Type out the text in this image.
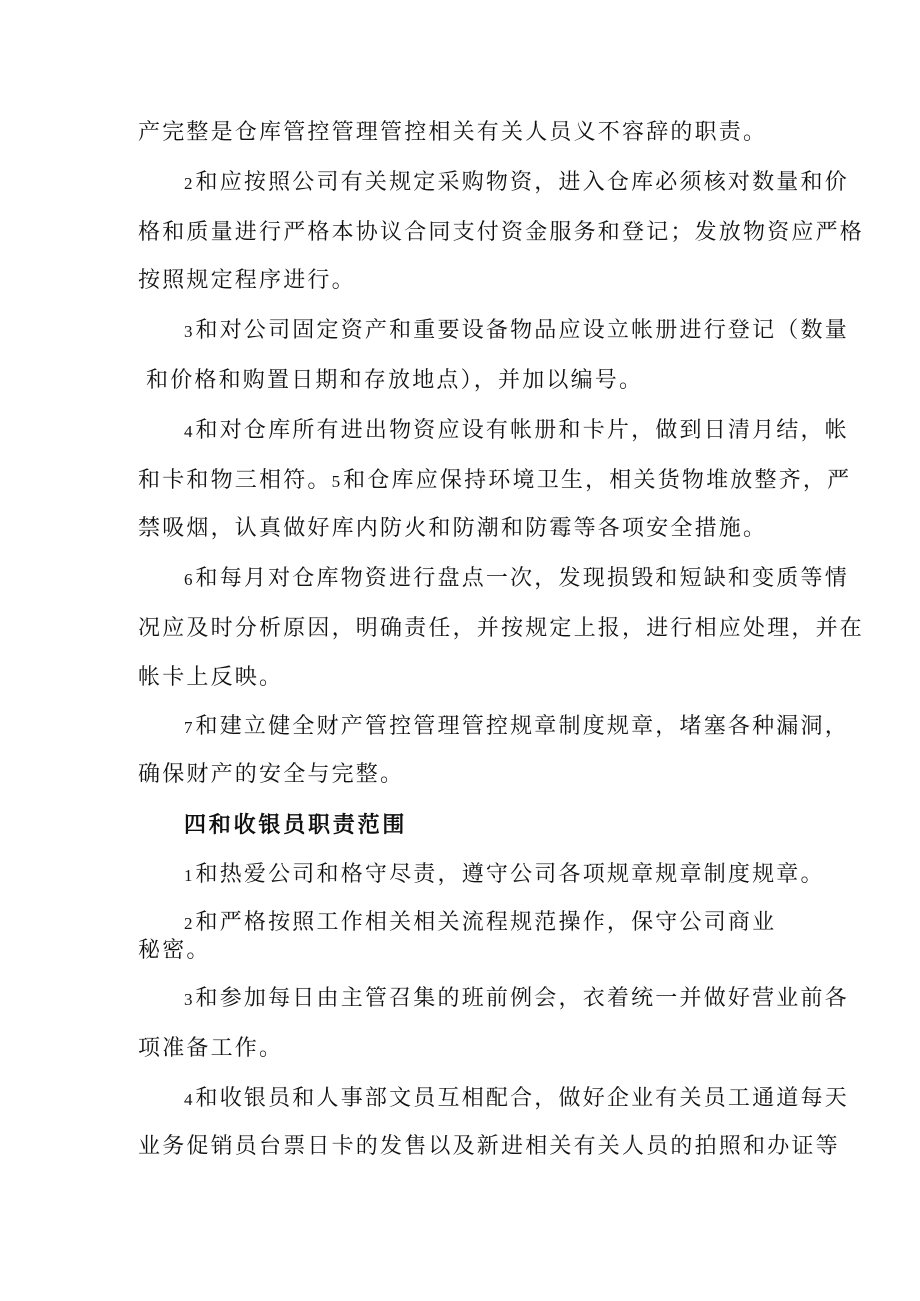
产完整是仓库管控管理管控相关有关人员义不容辞的职责。
2 和应按照公司有关规定采购物资，进入仓库必须核对数量和价
格和质量进行严格本协议合同支付资金服务和登记；发放物资应严格
按照规定程序进行。
3 和对公司固定资产和重要设备物品应设立帐册进行登记（数量
和价格和购置日期和存放地点），并加以编号。
4 和对仓库所有进出物资应设有帐册和卡片，做到日清月结，帐
和卡和物三相符。5 和仓库应保持环境卫生，相关货物堆放整齐，严
禁吸烟，认真做好库内防火和防潮和防霉等各项安全措施。
6 和每月对仓库物资进行盘点一次，发现损毁和短缺和变质等情
况应及时分析原因，明确责任，并按规定上报，进行相应处理，并在
帐卡上反映。
7 和建立健全财产管控管理管控规章制度规章，堵塞各种漏洞，
确保财产的安全与完整。
四和收银员职责范围
1 和热爱公司和格守尽责，遵守公司各项规章规章制度规章。
2 和严格按照工作相关相关流程规范操作，保守公司商业
秘密。
3 和参加每日由主管召集的班前例会，衣着统一并做好营业前各
项准备工作。
4 和收银员和人事部文员互相配合，做好企业有关员工通道每天
业务促销员台票日卡的发售以及新进相关有关人员的拍照和办证等
